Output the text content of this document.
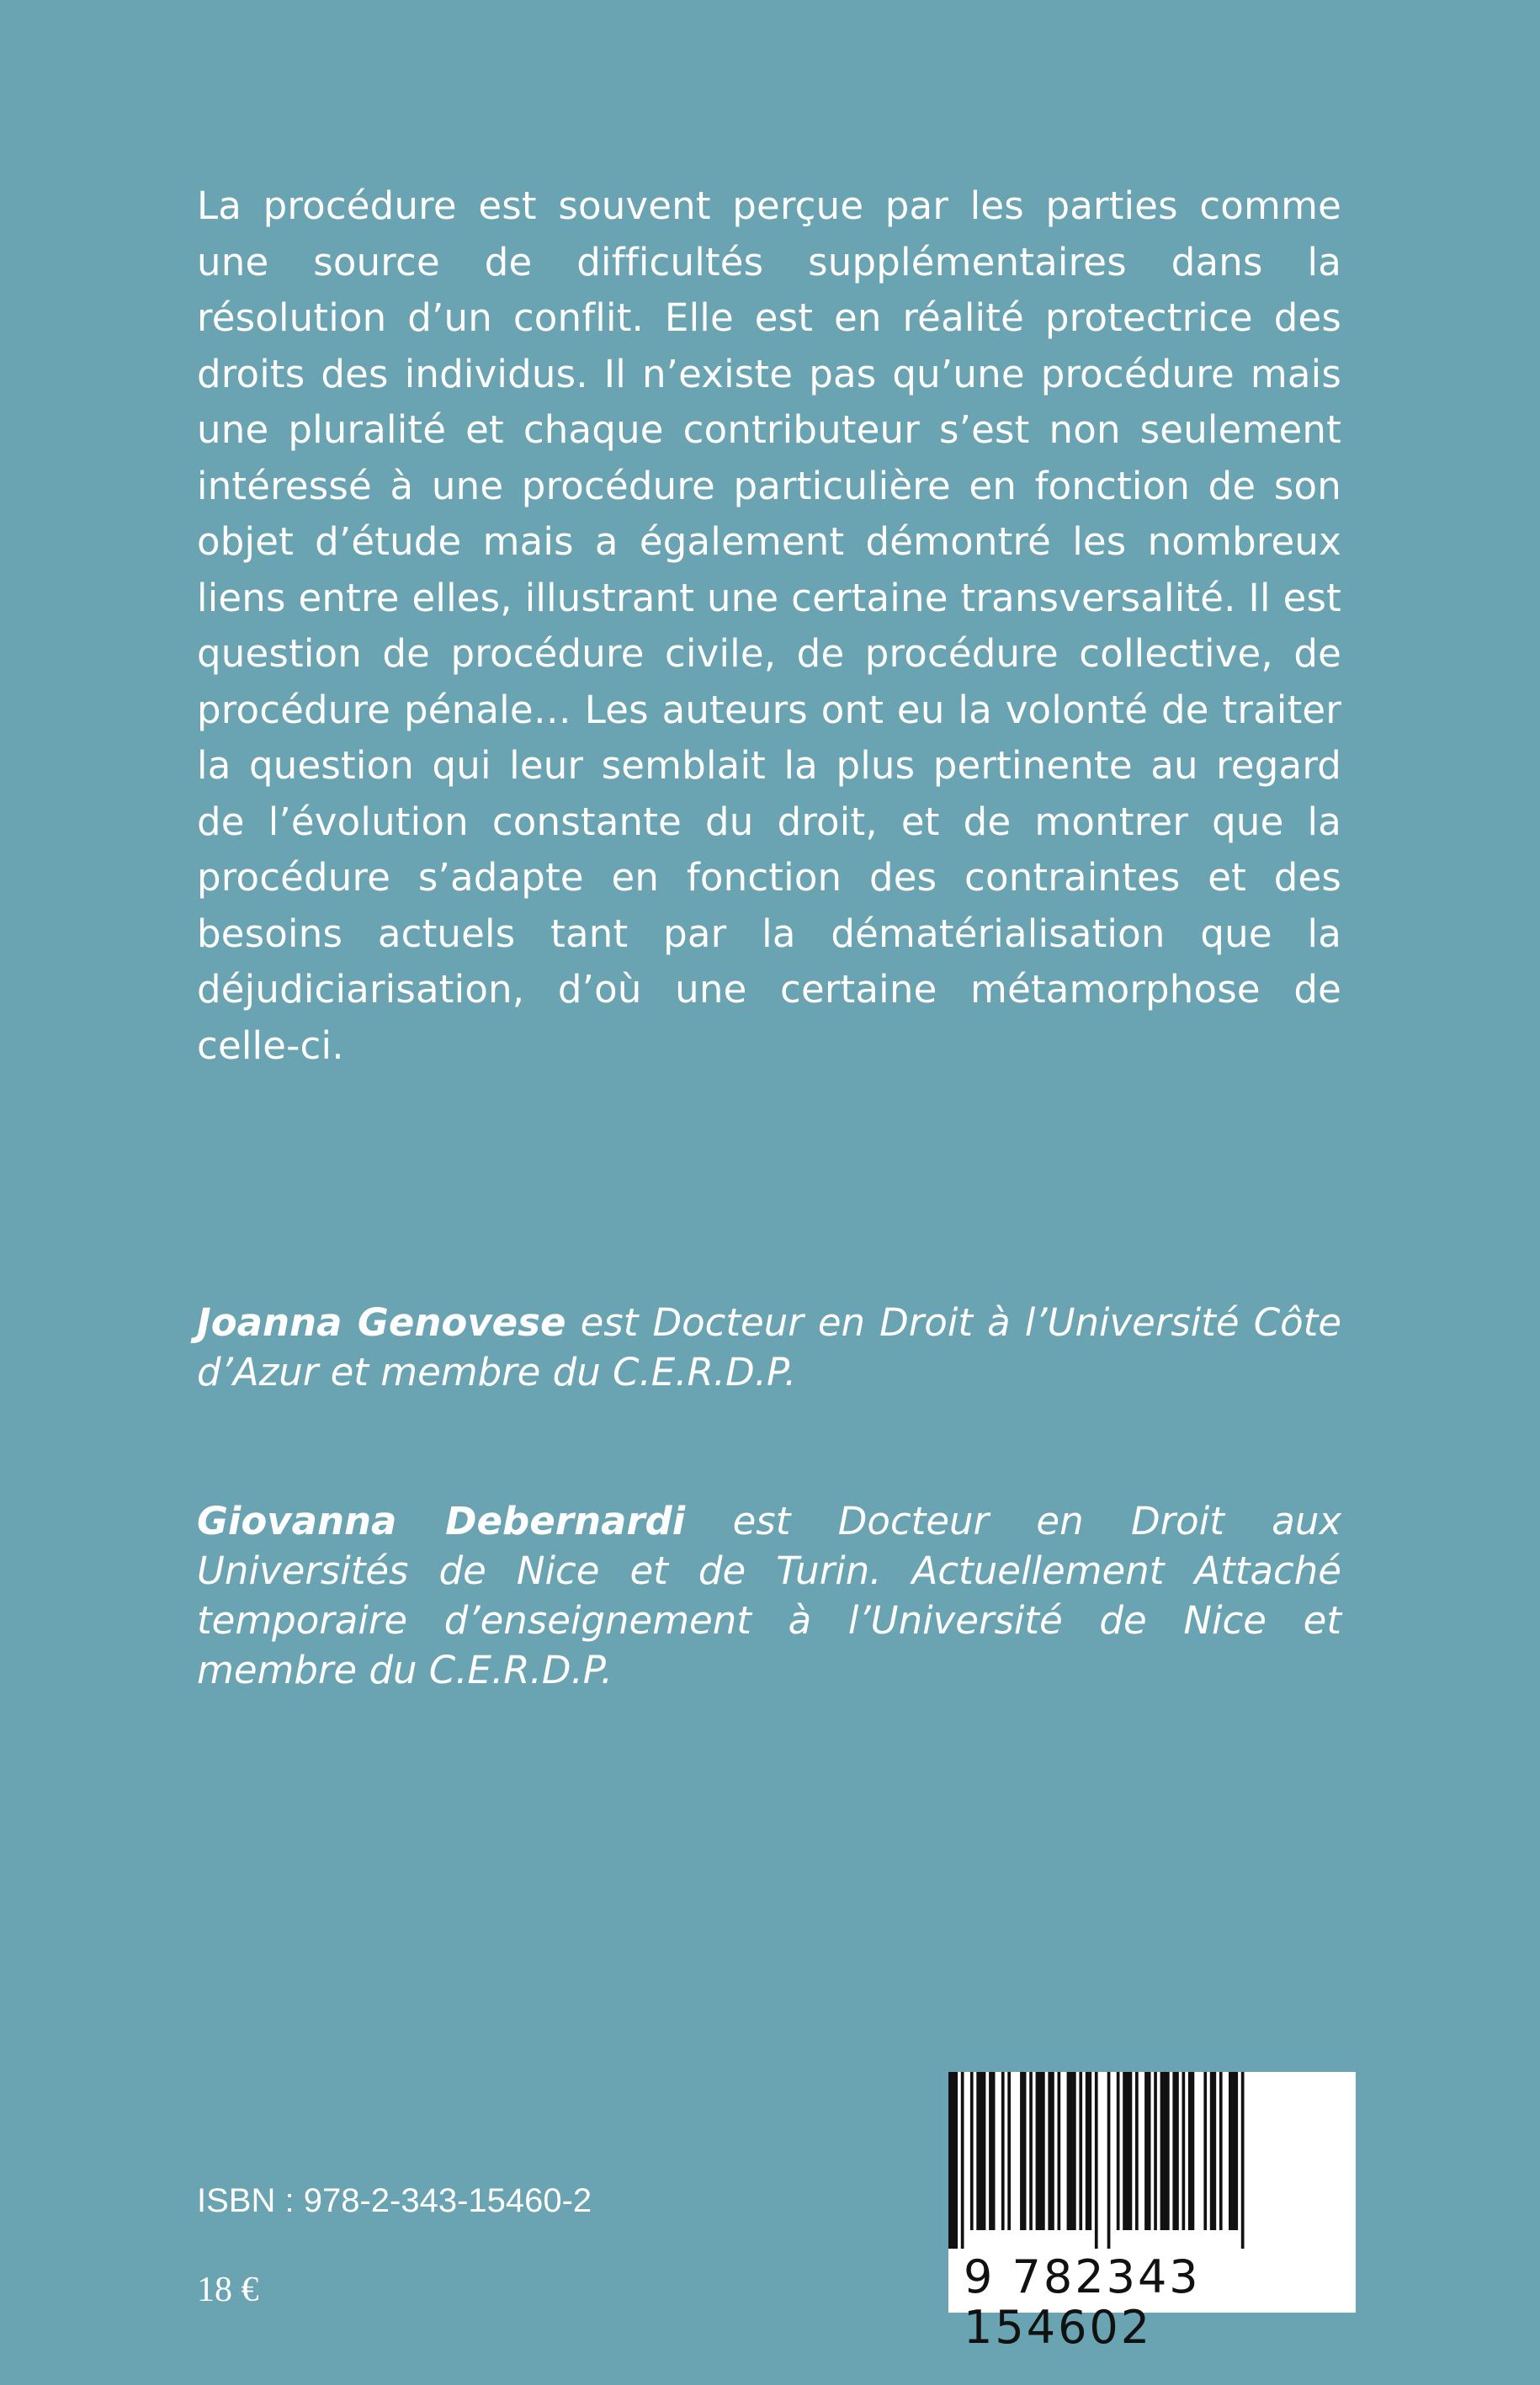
La procédure est souvent perçue par les parties comme une source de difficultés supplémentaires dans la résolution d’un conflit. Elle est en réalité protectrice des droits des individus. Il n’existe pas qu’une procédure mais une pluralité et chaque contributeur s’est non seulement intéressé à une procédure particulière en fonction de son objet d’étude mais a également démontré les nombreux liens entre elles, illustrant une certaine transversalité. Il est question de procédure civile, de procédure collective, de procédure pénale… Les auteurs ont eu la volonté de traiter la question qui leur semblait la plus pertinente au regard de l’évolution constante du droit, et de montrer que la procédure s’adapte en fonction des contraintes et des besoins actuels tant par la dématérialisation que la déjudiciarisation, d’où une certaine métamorphose de celle-ci.
Joanna Genovese est Docteur en Droit à l’Université Côte d’Azur et membre du C.E.R.D.P.
Giovanna Debernardi est Docteur en Droit aux Universités de Nice et de Turin. Actuellement Attaché temporaire d’enseignement à l’Université de Nice et membre du C.E.R.D.P.
ISBN : 978-2-343-15460-2
18 €	9 782343 154602
